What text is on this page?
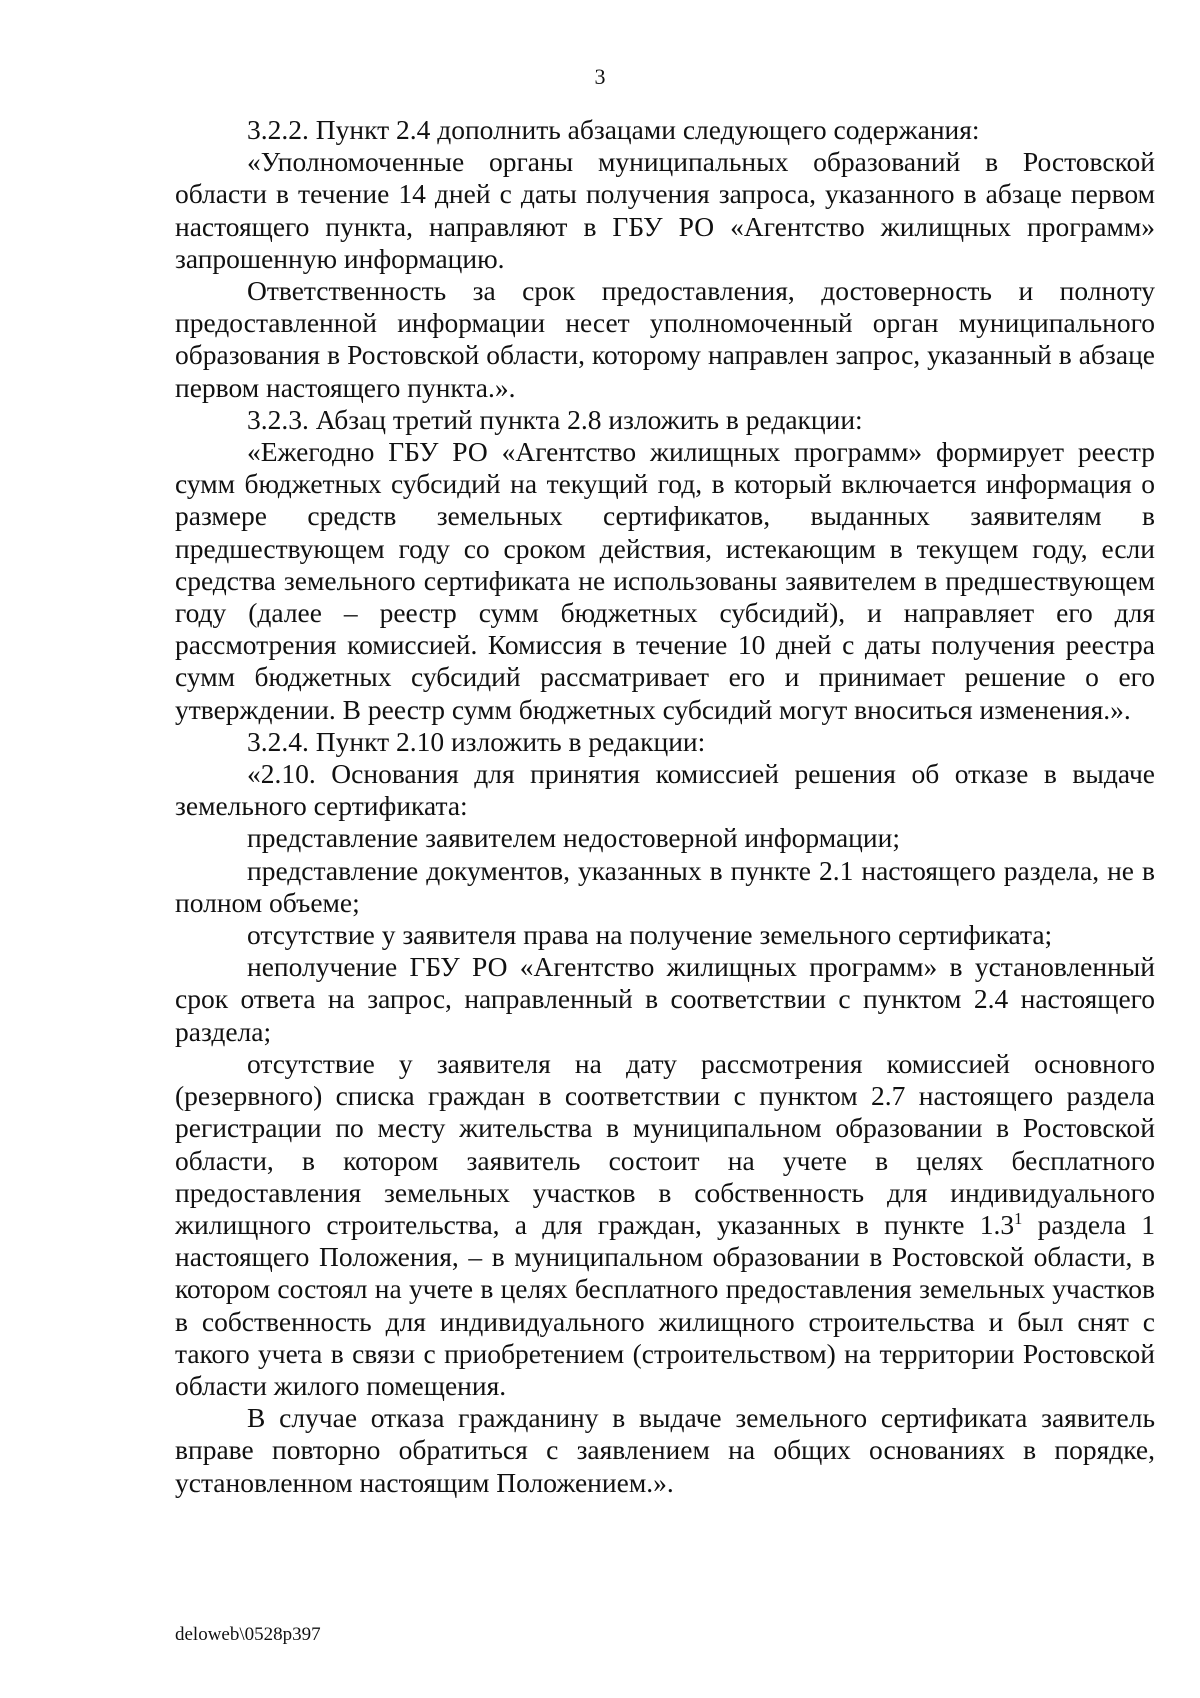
3

3.2.2. Пункт 2.4 дополнить абзацами следующего содержания:

«Уполномоченные органы муниципальных образований в Ростовской области в течение 14 дней с даты получения запроса, указанного в абзаце первом настоящего пункта, направляют в ГБУ РО «Агентство жилищных программ» запрошенную информацию.

Ответственность за срок предоставления, достоверность и полноту предоставленной информации несет уполномоченный орган муниципального образования в Ростовской области, которому направлен запрос, указанный в абзаце первом настоящего пункта.».

3.2.3. Абзац третий пункта 2.8 изложить в редакции:

«Ежегодно ГБУ РО «Агентство жилищных программ» формирует реестр сумм бюджетных субсидий на текущий год, в который включается информация о размере средств земельных сертификатов, выданных заявителям в предшествующем году со сроком действия, истекающим в текущем году, если средства земельного сертификата не использованы заявителем в предшествующем году (далее – реестр сумм бюджетных субсидий), и направляет его для рассмотрения комиссией. Комиссия в течение 10 дней с даты получения реестра сумм бюджетных субсидий рассматривает его и принимает решение о его утверждении. В реестр сумм бюджетных субсидий могут вноситься изменения.».

3.2.4. Пункт 2.10 изложить в редакции:

«2.10. Основания для принятия комиссией решения об отказе в выдаче земельного сертификата:

представление заявителем недостоверной информации;

представление документов, указанных в пункте 2.1 настоящего раздела, не в полном объеме;

отсутствие у заявителя права на получение земельного сертификата;

неполучение ГБУ РО «Агентство жилищных программ» в установленный срок ответа на запрос, направленный в соответствии с пунктом 2.4 настоящего раздела;

отсутствие у заявителя на дату рассмотрения комиссией основного (резервного) списка граждан в соответствии с пунктом 2.7 настоящего раздела регистрации по месту жительства в муниципальном образовании в Ростовской области, в котором заявитель состоит на учете в целях бесплатного предоставления земельных участков в собственность для индивидуального жилищного строительства, а для граждан, указанных в пункте $1.3^1$ раздела 1 настоящего Положения, – в муниципальном образовании в Ростовской области, в котором состоял на учете в целях бесплатного предоставления земельных участков в собственность для индивидуального жилищного строительства и был снят с такого учета в связи с приобретением (строительством) на территории Ростовской области жилого помещения.

В случае отказа гражданину в выдаче земельного сертификата заявитель вправе повторно обратиться с заявлением на общих основаниях в порядке, установленном настоящим Положением.».

deloweb\0528p397
